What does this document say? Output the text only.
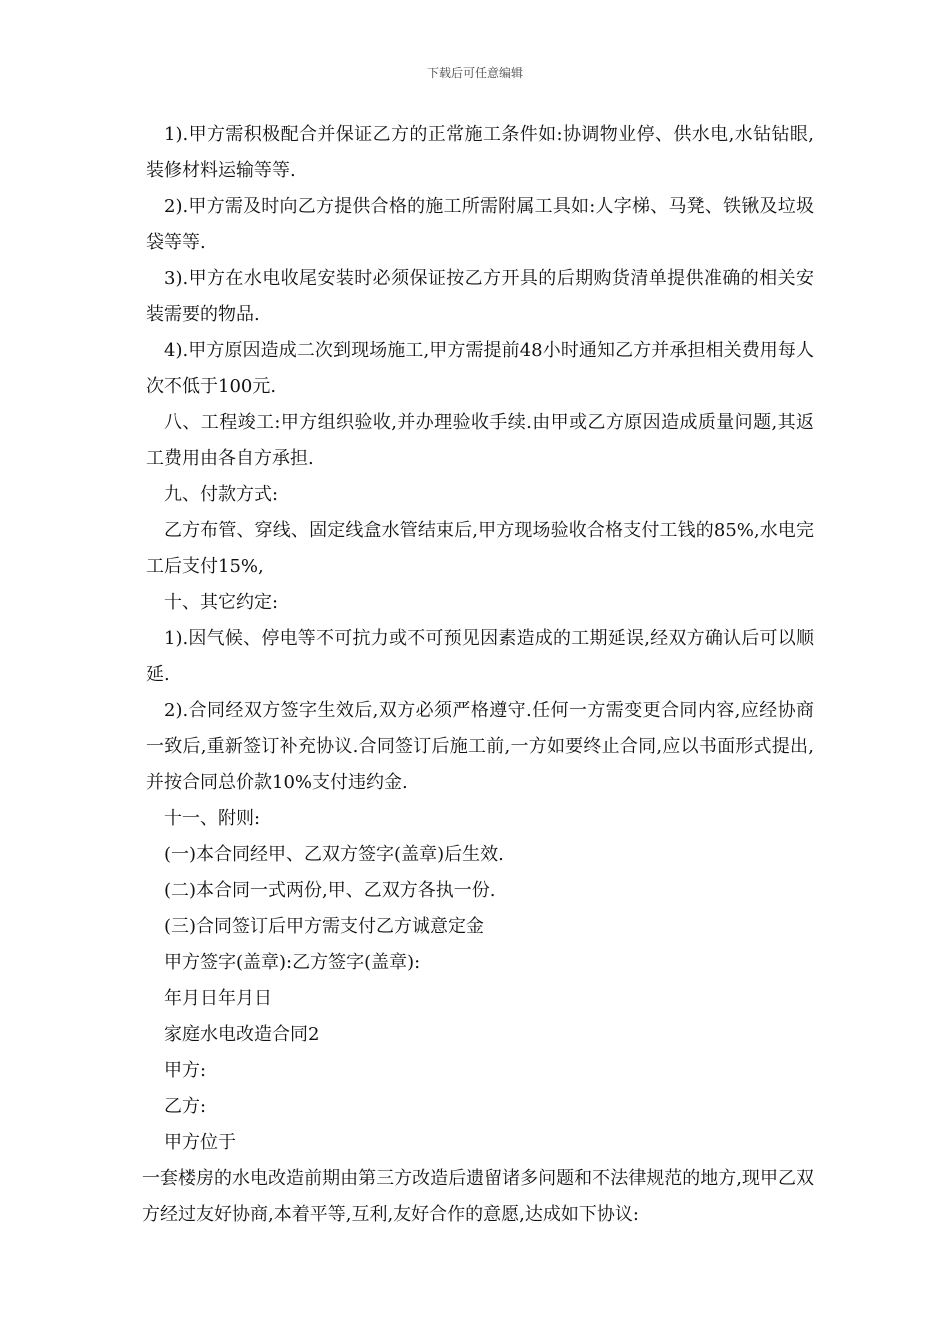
下载后可任意编辑

1).甲方需积极配合并保证乙方的正常施工条件如:协调物业停、供水电,水钻钻眼,装修材料运输等等.

2).甲方需及时向乙方提供合格的施工所需附属工具如:人字梯、马凳、铁锹及垃圾袋等等.

3).甲方在水电收尾安装时必须保证按乙方开具的后期购货清单提供准确的相关安装需要的物品.

4).甲方原因造成二次到现场施工,甲方需提前48小时通知乙方并承担相关费用每人次不低于100元.

八、工程竣工:甲方组织验收,并办理验收手续.由甲或乙方原因造成质量问题,其返工费用由各自方承担.

九、付款方式:

乙方布管、穿线、固定线盒水管结束后,甲方现场验收合格支付工钱的85%,水电完工后支付15%,

十、其它约定:

1).因气候、停电等不可抗力或不可预见因素造成的工期延误,经双方确认后可以顺延.

2).合同经双方签字生效后,双方必须严格遵守.任何一方需变更合同内容,应经协商一致后,重新签订补充协议.合同签订后施工前,一方如要终止合同,应以书面形式提出,并按合同总价款10%支付违约金.

十一、附则:

(一)本合同经甲、乙双方签字(盖章)后生效.

(二)本合同一式两份,甲、乙双方各执一份.

(三)合同签订后甲方需支付乙方诚意定金

甲方签字(盖章):乙方签字(盖章):

年月日年月日

家庭水电改造合同2

甲方:

乙方:

甲方位于

一套楼房的水电改造前期由第三方改造后遗留诸多问题和不法律规范的地方,现甲乙双方经过友好协商,本着平等,互利,友好合作的意愿,达成如下协议:
